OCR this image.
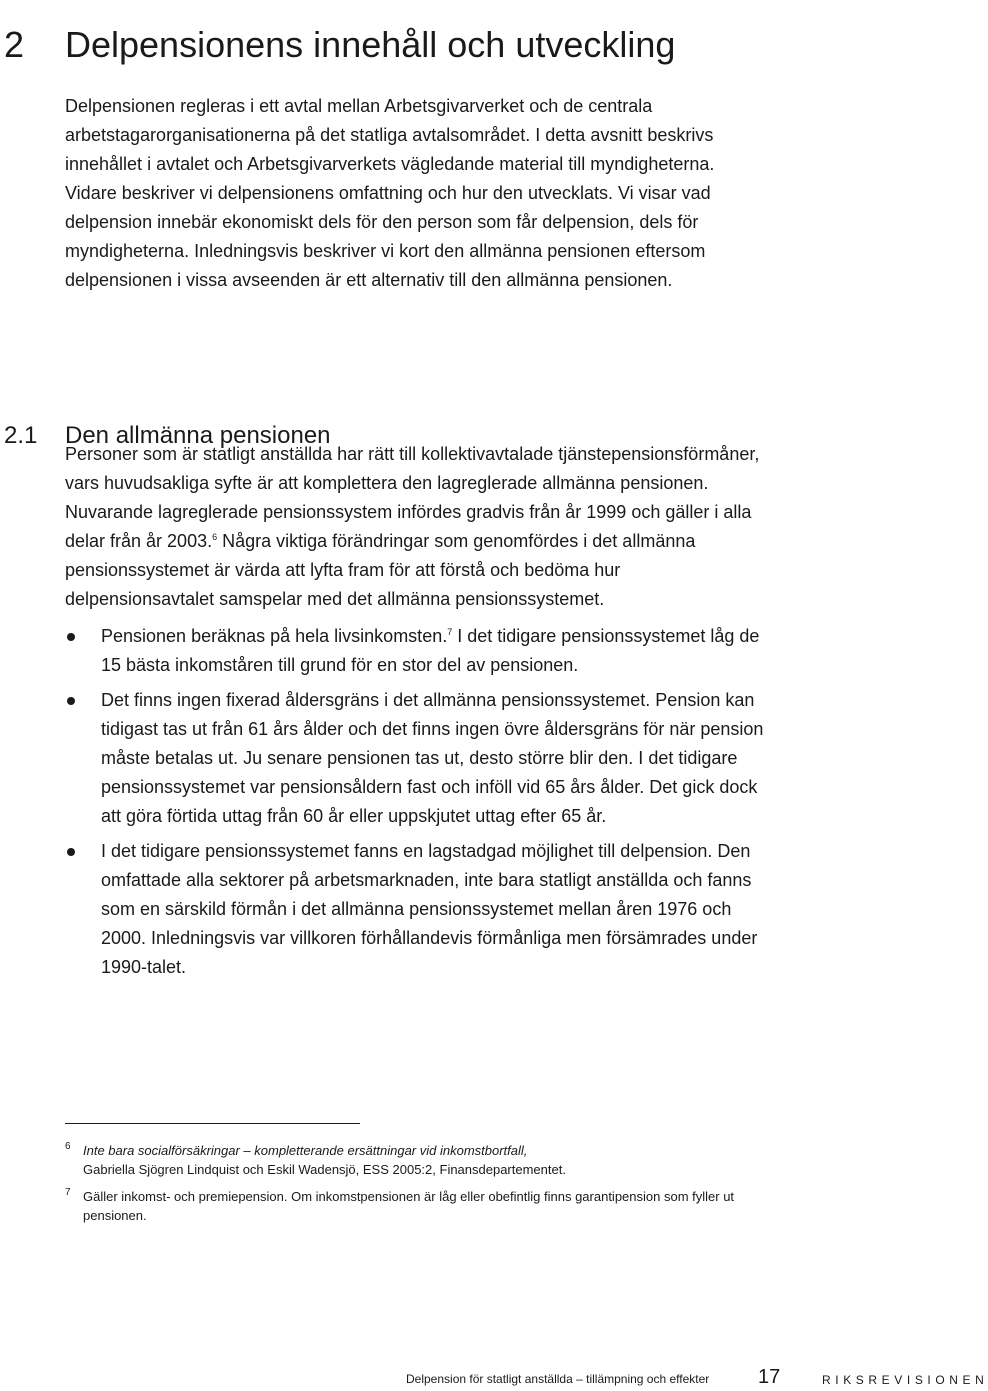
2 Delpensionens innehåll och utveckling

Delpensionen regleras i ett avtal mellan Arbetsgivarverket och de centrala arbetstagarorganisationerna på det statliga avtalsområdet. I detta avsnitt beskrivs innehållet i avtalet och Arbetsgivarverkets vägledande material till myndigheterna. Vidare beskriver vi delpensionens omfattning och hur den utvecklats. Vi visar vad delpension innebär ekonomiskt dels för den person som får delpension, dels för myndigheterna. Inledningsvis beskriver vi kort den allmänna pensionen eftersom delpensionen i vissa avseenden är ett alternativ till den allmänna pensionen.

2.1 Den allmänna pensionen

Personer som är statligt anställda har rätt till kollektivavtalade tjänstepensionsförmåner, vars huvudsakliga syfte är att komplettera den lagreglerade allmänna pensionen. Nuvarande lagreglerade pensionssystem infördes gradvis från år 1999 och gäller i alla delar från år 2003.$^6$ Några viktiga förändringar som genomfördes i det allmänna pensionssystemet är värda att lyfta fram för att förstå och bedöma hur delpensionsavtalet samspelar med det allmänna pensionssystemet.

Pensionen beräknas på hela livsinkomsten.$^7$ I det tidigare pensionssystemet låg de 15 bästa inkomståren till grund för en stor del av pensionen.
Det finns ingen fixerad åldersgräns i det allmänna pensionssystemet. Pension kan tidigast tas ut från 61 års ålder och det finns ingen övre åldersgräns för när pension måste betalas ut. Ju senare pensionen tas ut, desto större blir den. I det tidigare pensionssystemet var pensionsåldern fast och inföll vid 65 års ålder. Det gick dock att göra förtida uttag från 60 år eller uppskjutet uttag efter 65 år.
I det tidigare pensionssystemet fanns en lagstadgad möjlighet till delpension. Den omfattade alla sektorer på arbetsmarknaden, inte bara statligt anställda och fanns som en särskild förmån i det allmänna pensionssystemet mellan åren 1976 och 2000. Inledningsvis var villkoren förhållandevis förmånliga men försämrades under 1990-talet.
6 Inte bara socialförsäkringar – kompletterande ersättningar vid inkomstbortfall,
Gabriella Sjögren Lindquist och Eskil Wadensjö, ESS 2005:2, Finansdepartementet.
7 Gäller inkomst- och premiepension. Om inkomstpensionen är låg eller obefintlig finns garantipension som fyller ut pensionen.
Delpension för statligt anställda – tillämpning och effekter 17	RIKSREVISIONEN
